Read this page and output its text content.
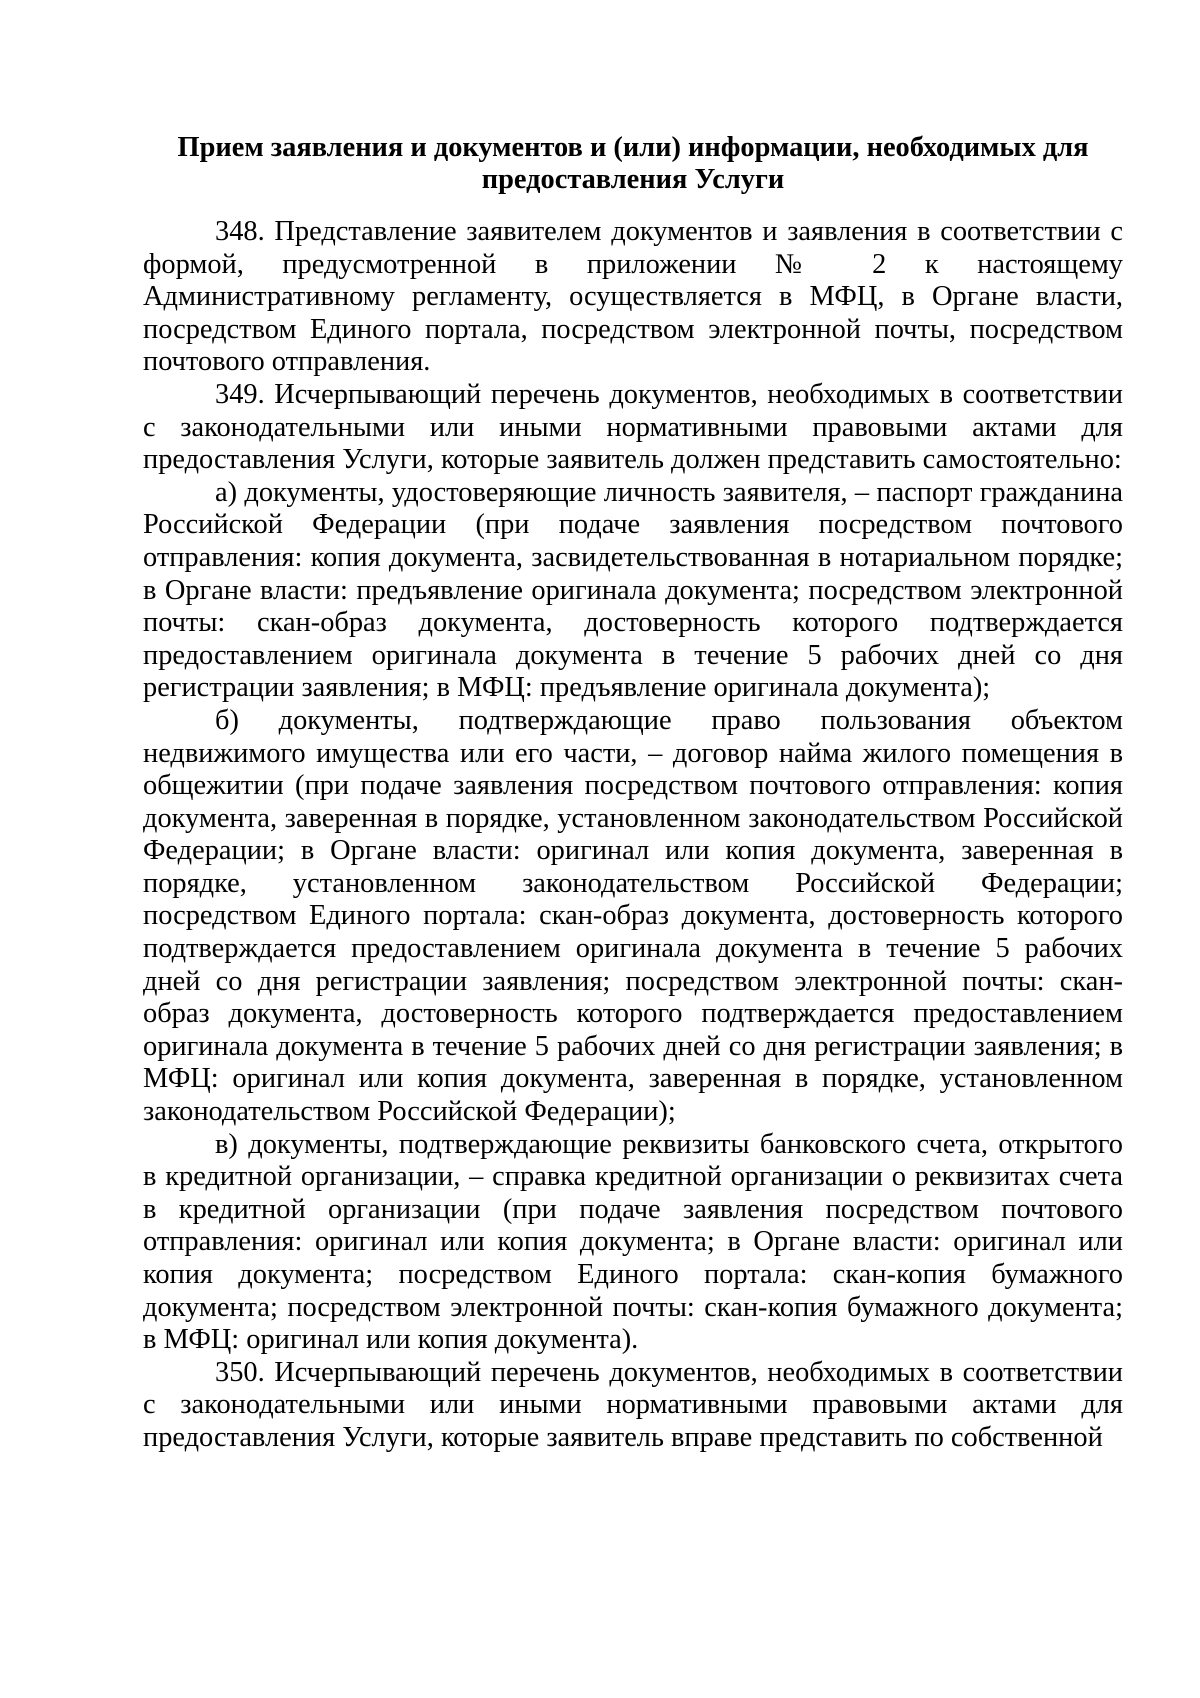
Прием заявления и документов и (или) информации, необходимых для
предоставления Услуги

348. Представление заявителем документов и заявления в соответствии с формой, предусмотренной в приложении № 2 к настоящему Административному регламенту, осуществляется в МФЦ, в Органе власти, посредством Единого портала, посредством электронной почты, посредством почтового отправления.

349. Исчерпывающий перечень документов, необходимых в соответствии с законодательными или иными нормативными правовыми актами для предоставления Услуги, которые заявитель должен представить самостоятельно:

а) документы, удостоверяющие личность заявителя, – паспорт гражданина Российской Федерации (при подаче заявления посредством почтового отправления: копия документа, засвидетельствованная в нотариальном порядке; в Органе власти: предъявление оригинала документа; посредством электронной почты: скан-образ документа, достоверность которого подтверждается предоставлением оригинала документа в течение 5 рабочих дней со дня регистрации заявления; в МФЦ: предъявление оригинала документа);

б) документы, подтверждающие право пользования объектом недвижимого имущества или его части, – договор найма жилого помещения в общежитии (при подаче заявления посредством почтового отправления: копия документа, заверенная в порядке, установленном законодательством Российской Федерации; в Органе власти: оригинал или копия документа, заверенная в порядке, установленном законодательством Российской Федерации; посредством Единого портала: скан-образ документа, достоверность которого подтверждается предоставлением оригинала документа в течение 5 рабочих дней со дня регистрации заявления; посредством электронной почты: скан-образ документа, достоверность которого подтверждается предоставлением оригинала документа в течение 5 рабочих дней со дня регистрации заявления; в МФЦ: оригинал или копия документа, заверенная в порядке, установленном законодательством Российской Федерации);

в) документы, подтверждающие реквизиты банковского счета, открытого в кредитной организации, – справка кредитной организации о реквизитах счета в кредитной организации (при подаче заявления посредством почтового отправления: оригинал или копия документа; в Органе власти: оригинал или копия документа; посредством Единого портала: скан-копия бумажного документа; посредством электронной почты: скан-копия бумажного документа; в МФЦ: оригинал или копия документа).

350. Исчерпывающий перечень документов, необходимых в соответствии с законодательными или иными нормативными правовыми актами для предоставления Услуги, которые заявитель вправе представить по собственной
